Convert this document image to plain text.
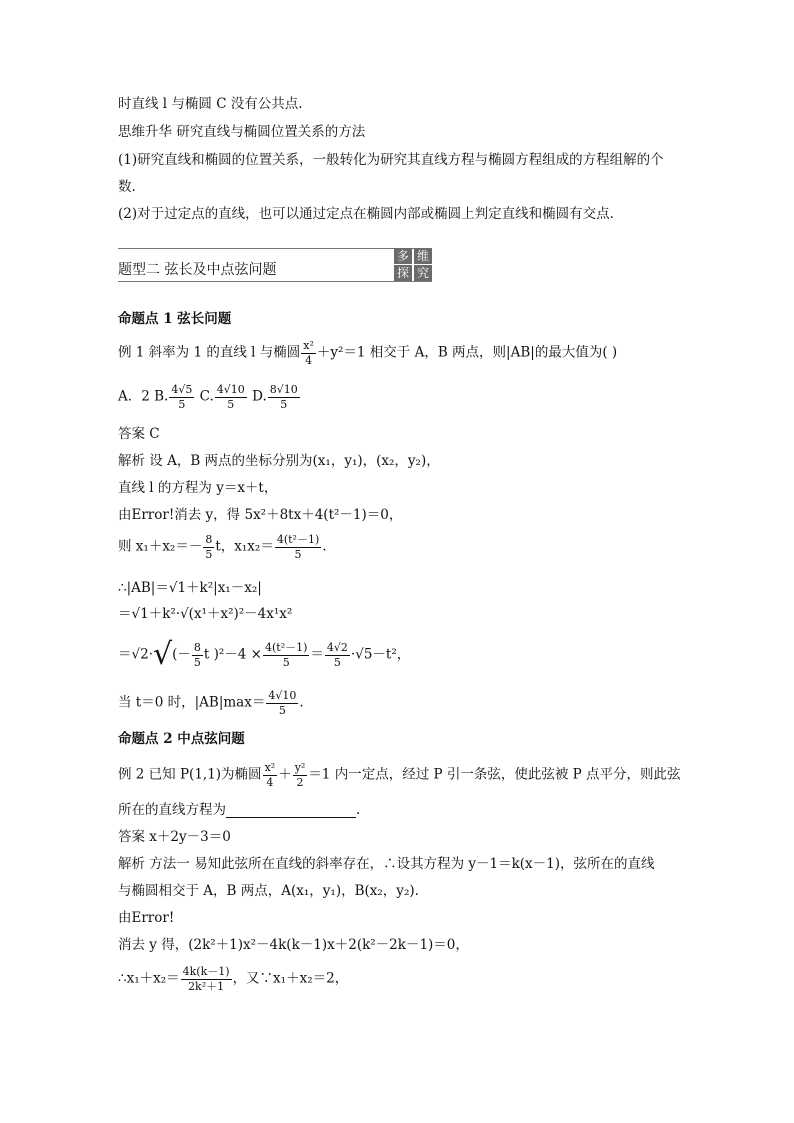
时直线 l 与椭圆 C 没有公共点.
思维升华 研究直线与椭圆位置关系的方法
(1)研究直线和椭圆的位置关系，一般转化为研究其直线方程与椭圆方程组成的方程组解的个
数.
(2)对于过定点的直线，也可以通过定点在椭圆内部或椭圆上判定直线和椭圆有交点.
题型二 弦长及中点弦问题
多 维
探 究
命题点 1 弦长问题
例 1 斜率为 1 的直线 l 与椭圆 $\frac{\text{x²}}{4} +y^2=1$ 相交于 A，B 两点，则|AB|的最大值为( )
A．2 B. $\frac{4√5}{5} C$. $\frac{4√10}{5} D$. $\frac{8√10}{5}$
答案 C
解析 设 A，B 两点的坐标分别为(x₁，y₁)，(x₂，y₂)，
直线 l 的方程为 y＝x＋t，
由Error!消去 y，得 5x²＋8tx＋4(t²－1)＝0，
则 $x_1+x_2=- \frac{8}{5}$ t，$x_1x_2= \frac{\text{4(t²－1)}}{5}$ .
∴|AB|＝√1＋k²|x₁－x₂|
＝√1＋k²·√(x¹＋x²)²－4x¹x²
$=√2\cdot√(- \frac{8}{5}$ t )$^2-4 \times \frac{\text{4(t²－1)}}{5} = \frac{4√2}{5} \cdot√5-t^2$，
当 t＝0 时，$|AB|\max= \frac{4√10}{5}$ .
命题点 2 中点弦问题
例 2 已知 P(1,1)为椭圆 $\frac{\text{x²}}{4} + \frac{\text{y²}}{2} =1$ 内一定点，经过 P 引一条弦，使此弦被 P 点平分，则此弦
所在的直线方程为	.
答案 x＋2y－3＝0
解析 方法一 易知此弦所在直线的斜率存在，∴设其方程为 y－1＝k(x－1)，弦所在的直线
与椭圆相交于 A，B 两点，A(x₁，y₁)，B(x₂，y₂).
由Error!
消去 y 得，(2k²＋1)x²－4k(k－1)x＋2(k²－2k－1)＝0，
∴x₁＋x₂＝ $\frac{4k(k-1)}{\text{2k²＋1}}$ ，又∵x₁＋x₂＝2，
